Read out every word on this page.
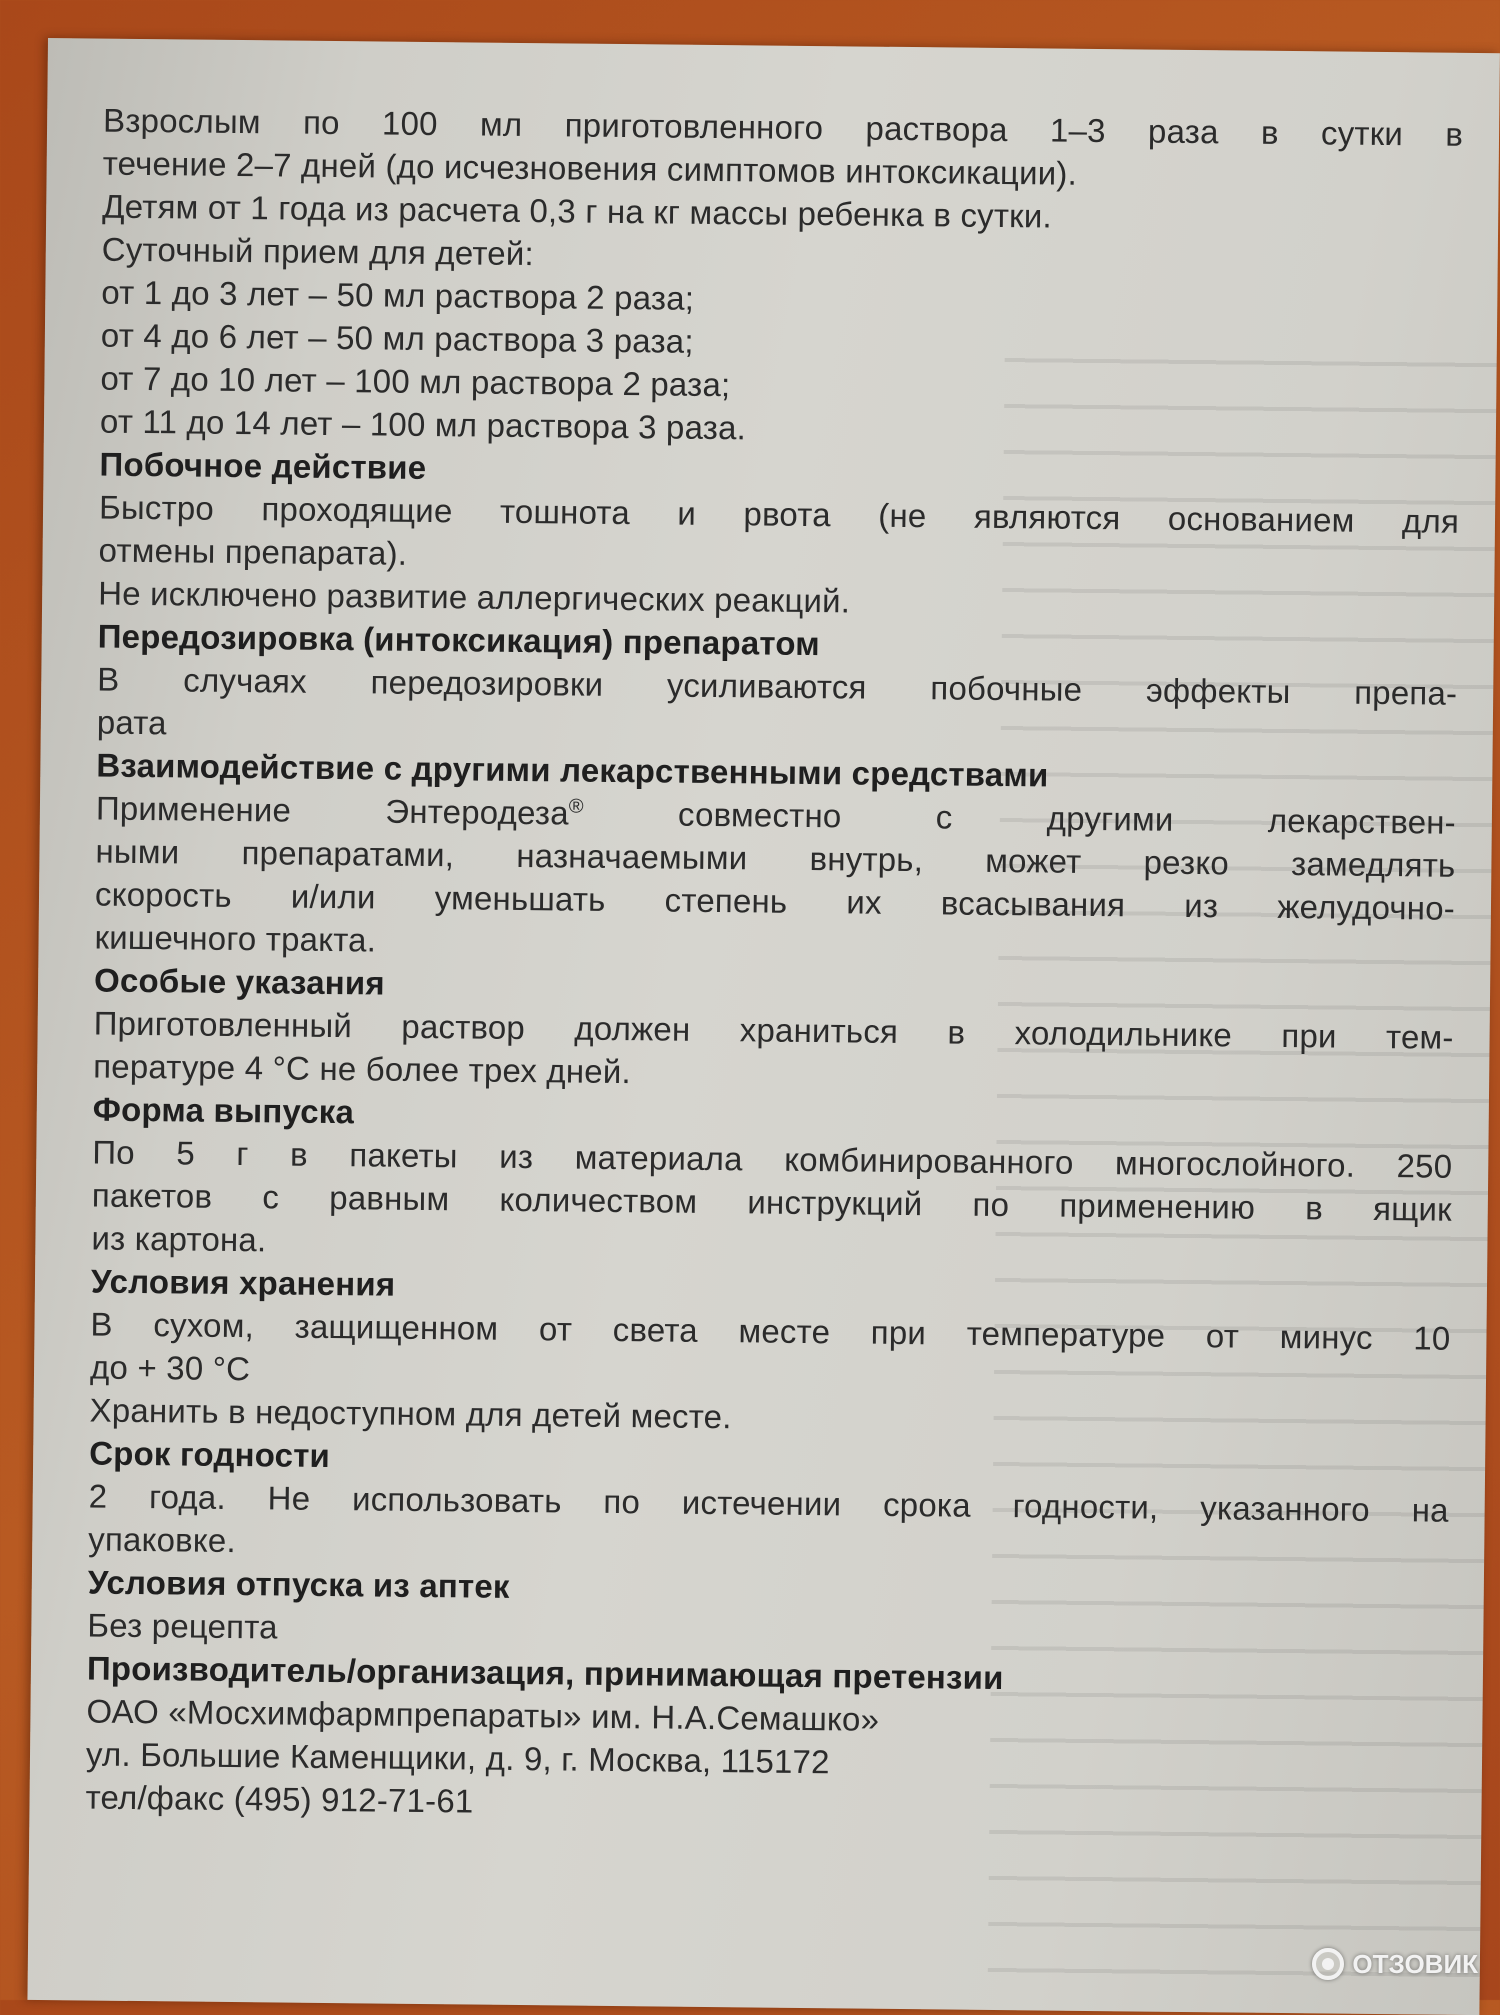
Взрослым по 100 мл приготовленного раствора 1–3 раза в сутки в
течение 2–7 дней (до исчезновения симптомов интоксикации).
Детям от 1 года из расчета 0,3 г на кг массы ребенка в сутки.
Суточный прием для детей:
от 1 до 3 лет – 50 мл раствора 2 раза;
от 4 до 6 лет – 50 мл раствора 3 раза;
от 7 до 10 лет – 100 мл раствора 2 раза;
от 11 до 14 лет – 100 мл раствора 3 раза.
Побочное действие
Быстро проходящие тошнота и рвота (не являются основанием для
отмены препарата).
Не исключено развитие аллергических реакций.
Передозировка (интоксикация) препаратом
В случаях передозировки усиливаются побочные эффекты препа-
рата
Взаимодействие с другими лекарственными средствами
Применение Энтеродеза® совместно с другими лекарствен-
ными препаратами, назначаемыми внутрь, может резко замедлять
скорость и/или уменьшать степень их всасывания из желудочно-
кишечного тракта.
Особые указания
Приготовленный раствор должен храниться в холодильнике при тем-
пературе 4 °С не более трех дней.
Форма выпуска
По 5 г в пакеты из материала комбинированного многослойного. 250
пакетов с равным количеством инструкций по применению в ящик
из картона.
Условия хранения
В сухом, защищенном от света месте при температуре от минус 10
до + 30 °С
Хранить в недоступном для детей месте.
Срок годности
2 года. Не использовать по истечении срока годности, указанного на
упаковке.
Условия отпуска из аптек
Без рецепта
Производитель/организация, принимающая претензии
ОАО «Мосхимфармпрепараты» им. Н.А.Семашко»
ул. Большие Каменщики, д. 9, г. Москва, 115172
тел/факс (495) 912-71-61
ОТЗОВИК
